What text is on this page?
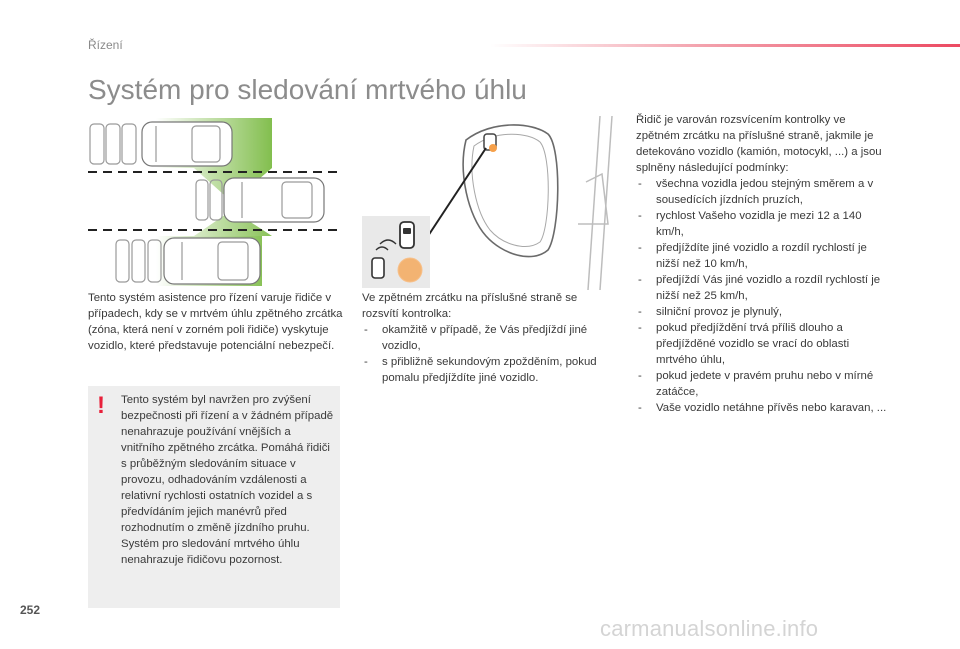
Řízení
Systém pro sledování mrtvého úhlu

Tento systém asistence pro řízení varuje řidiče v případech, kdy se v mrtvém úhlu zpětného zrcátka (zóna, která není v zorném poli řidiče) vyskytuje vozidlo, které představuje potenciální nebezpečí.

! Tento systém byl navržen pro zvýšení bezpečnosti při řízení a v žádném případě nenahrazuje používání vnějších a vnitřního zpětného zrcátka. Pomáhá řidiči s průběžným sledováním situace v provozu, odhadováním vzdálenosti a relativní rychlosti ostatních vozidel a s předvídáním jejich manévrů před rozhodnutím o změně jízdního pruhu. Systém pro sledování mrtvého úhlu nenahrazuje řidičovu pozornost.

Ve zpětném zrcátku na příslušné straně se rozsvítí kontrolka:

- okamžitě v případě, že Vás předjíždí jiné vozidlo,
- s přibližně sekundovým zpožděním, pokud pomalu předjíždíte jiné vozidlo.

Řidič je varován rozsvícením kontrolky ve zpětném zrcátku na příslušné straně, jakmile je detekováno vozidlo (kamión, motocykl, ...) a jsou splněny následující podmínky:

- všechna vozidla jedou stejným směrem a v sousedících jízdních pruzích,
- rychlost Vašeho vozidla je mezi 12 a 140 km/h,
- předjíždíte jiné vozidlo a rozdíl rychlostí je nižší než 10 km/h,
- předjíždí Vás jiné vozidlo a rozdíl rychlostí je nižší než 25 km/h,
- silniční provoz je plynulý,
- pokud předjíždění trvá příliš dlouho a předjížděné vozidlo se vrací do oblasti mrtvého úhlu,
- pokud jedete v pravém pruhu nebo v mírné zatáčce,
- Vaše vozidlo netáhne přívěs nebo karavan, ...
252
carmanualsonline.info
